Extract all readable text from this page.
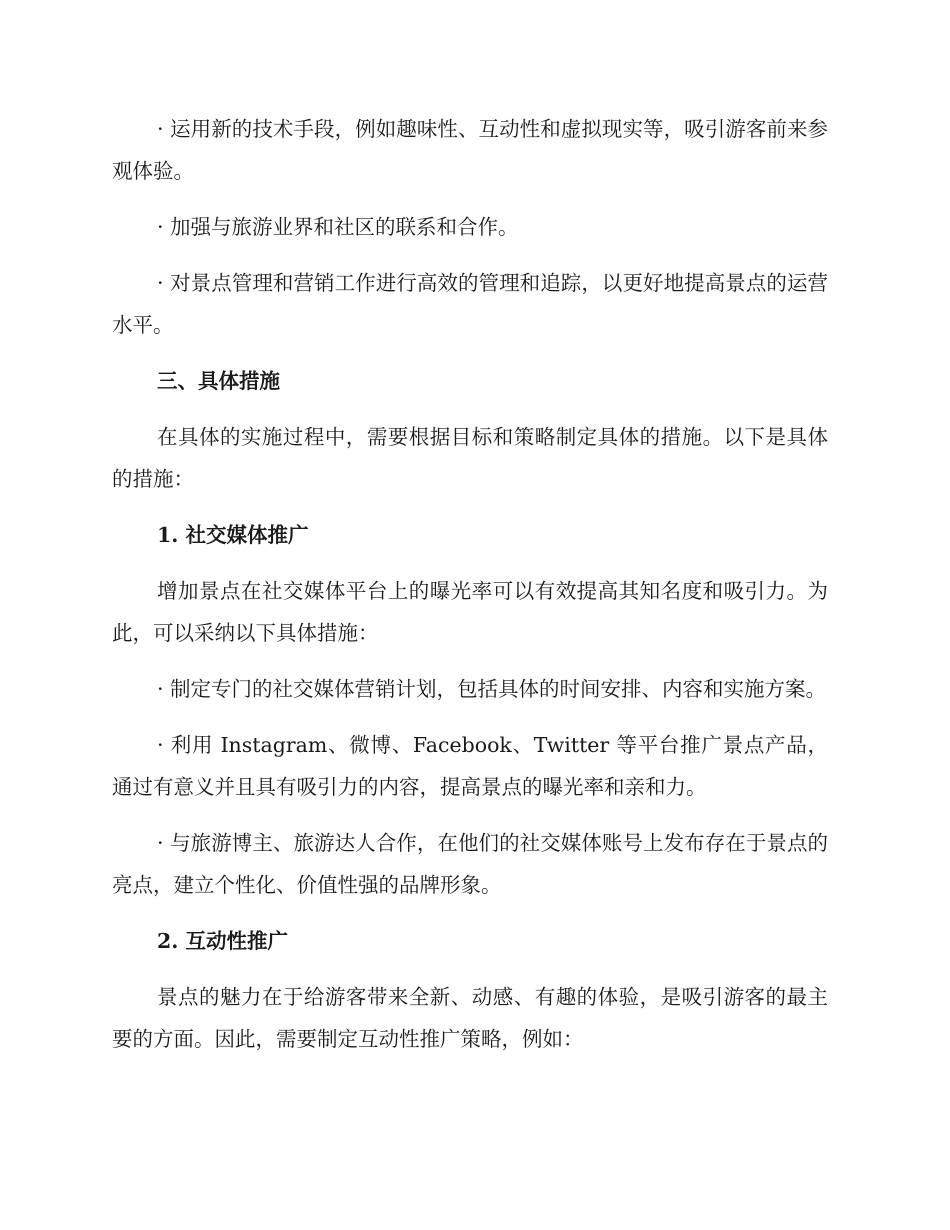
· 运用新的技术手段，例如趣味性、互动性和虚拟现实等，吸引游客前来参观体验。

· 加强与旅游业界和社区的联系和合作。

· 对景点管理和营销工作进行高效的管理和追踪，以更好地提高景点的运营水平。

三、具体措施

在具体的实施过程中，需要根据目标和策略制定具体的措施。以下是具体的措施：

1. 社交媒体推广

增加景点在社交媒体平台上的曝光率可以有效提高其知名度和吸引力。为此，可以采纳以下具体措施：

· 制定专门的社交媒体营销计划，包括具体的时间安排、内容和实施方案。

· 利用 Instagram、微博、Facebook、Twitter 等平台推广景点产品，通过有意义并且具有吸引力的内容，提高景点的曝光率和亲和力。

· 与旅游博主、旅游达人合作，在他们的社交媒体账号上发布存在于景点的亮点，建立个性化、价值性强的品牌形象。

2. 互动性推广

景点的魅力在于给游客带来全新、动感、有趣的体验，是吸引游客的最主要的方面。因此，需要制定互动性推广策略，例如：
